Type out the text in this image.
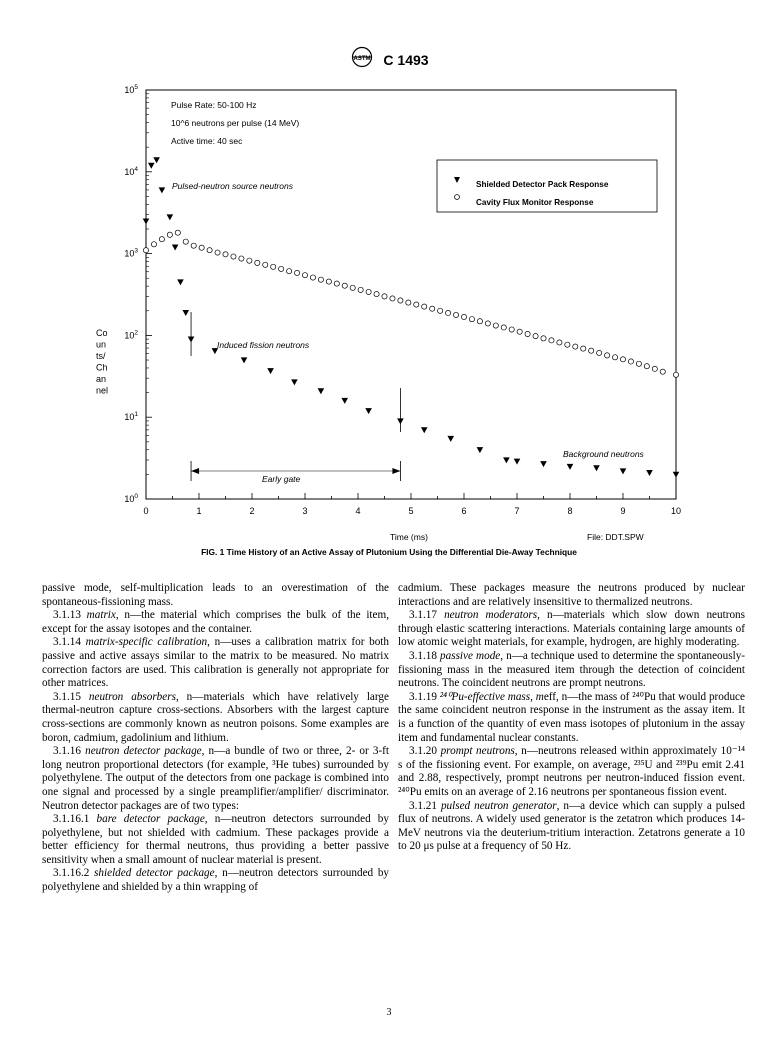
ASTM C 1493
$10^0$
$10^1$
$10^2$
$10^3$
$10^4$
$10^5$
0	1	2	3	4	5	6	7	8	9	10
Pulse Rate: 50-100 Hz
10^6 neutrons per pulse (14 MeV)
Active time: 40 sec
Pulsed-neutron source neutrons
Induced fission neutrons
Background neutrons
Early gate
File: DDT.SPW
Time (ms)
Co
un
ts/
Ch
an
nel
Shielded Detector Pack Response
Cavity Flux Monitor Response
FIG. 1 Time History of an Active Assay of Plutonium Using the Differential Die-Away Technique

passive mode, self-multiplication leads to an overestimation of the spontaneous-fissioning mass.

3.1.13 matrix, n—the material which comprises the bulk of the item, except for the assay isotopes and the container.

3.1.14 matrix-specific calibration, n—uses a calibration matrix for both passive and active assays similar to the matrix to be measured. No matrix correction factors are used. This calibration is generally not appropriate for other matrices.

3.1.15 neutron absorbers, n—materials which have relatively large thermal-neutron capture cross-sections. Absorbers with the largest capture cross-sections are commonly known as neutron poisons. Some examples are boron, cadmium, gadolinium and lithium.

3.1.16 neutron detector package, n—a bundle of two or three, 2- or 3-ft long neutron proportional detectors (for example, ³He tubes) surrounded by polyethylene. The output of the detectors from one package is combined into one signal and processed by a single preamplifier/amplifier/ discriminator. Neutron detector packages are of two types:

3.1.16.1 bare detector package, n—neutron detectors surrounded by polyethylene, but not shielded with cadmium. These packages provide a better efficiency for thermal neutrons, thus providing a better passive sensitivity when a small amount of nuclear material is present.

3.1.16.2 shielded detector package, n—neutron detectors surrounded by polyethylene and shielded by a thin wrapping of

cadmium. These packages measure the neutrons produced by nuclear interactions and are relatively insensitive to thermalized neutrons.

3.1.17 neutron moderators, n—materials which slow down neutrons through elastic scattering interactions. Materials containing large amounts of low atomic weight materials, for example, hydrogen, are highly moderating.

3.1.18 passive mode, n—a technique used to determine the spontaneously-fissioning mass in the measured item through the detection of coincident neutrons. The coincident neutrons are prompt neutrons.

3.1.19 ²⁴⁰Pu-effective mass, meff, n—the mass of ²⁴⁰Pu that would produce the same coincident neutron response in the instrument as the assay item. It is a function of the quantity of even mass isotopes of plutonium in the assay item and fundamental nuclear constants.

3.1.20 prompt neutrons, n—neutrons released within approximately 10⁻¹⁴ s of the fissioning event. For example, on average, ²³⁵U and ²³⁹Pu emit 2.41 and 2.88, respectively, prompt neutrons per neutron-induced fission event. ²⁴⁰Pu emits on an average of 2.16 neutrons per spontaneous fission event.

3.1.21 pulsed neutron generator, n—a device which can supply a pulsed flux of neutrons. A widely used generator is the zetatron which produces 14-MeV neutrons via the deuterium-tritium interaction. Zetatrons generate a 10 to 20 μs pulse at a frequency of 50 Hz.

3
